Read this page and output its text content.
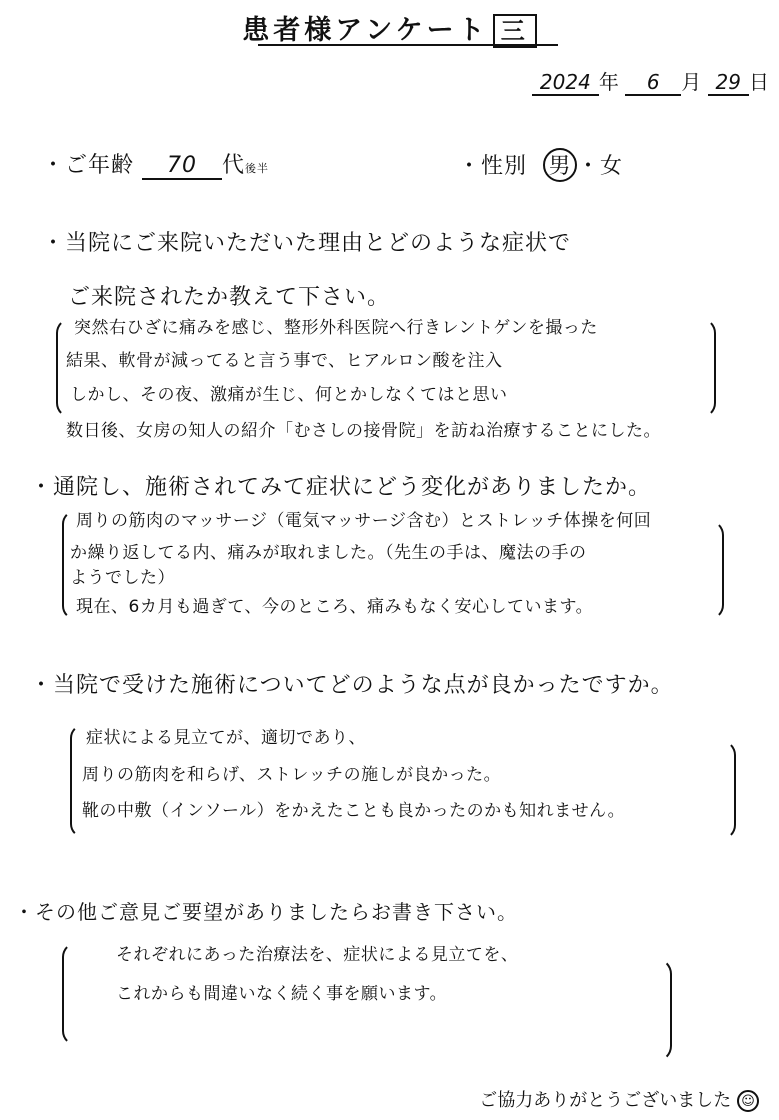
患者様アンケート 三
2024 年 6 月 29 日
・ご年齢 70 代後半	・性別 男 ・女
・当院にご来院いただいた理由とどのような症状で
ご来院されたか教えて下さい。
突然右ひざに痛みを感じ、整形外科医院へ行きレントゲンを撮った
結果、軟骨が減ってると言う事で、ヒアルロン酸を注入
しかし、その夜、激痛が生じ、何とかしなくてはと思い
数日後、女房の知人の紹介「むさしの接骨院」を訪ね治療することにした。
・通院し、施術されてみて症状にどう変化がありましたか。
周りの筋肉のマッサージ（電気マッサージ含む）とストレッチ体操を何回
か繰り返してる内、痛みが取れました。（先生の手は、魔法の手の
ようでした）
現在、6カ月も過ぎて、今のところ、痛みもなく安心しています。
・当院で受けた施術についてどのような点が良かったですか。
症状による見立てが、適切であり、
周りの筋肉を和らげ、ストレッチの施しが良かった。
靴の中敷（インソール）をかえたことも良かったのかも知れません。
・その他ご意見ご要望がありましたらお書き下さい。
それぞれにあった治療法を、症状による見立てを、
これからも間違いなく続く事を願います。
ご協力ありがとうございました ☺
